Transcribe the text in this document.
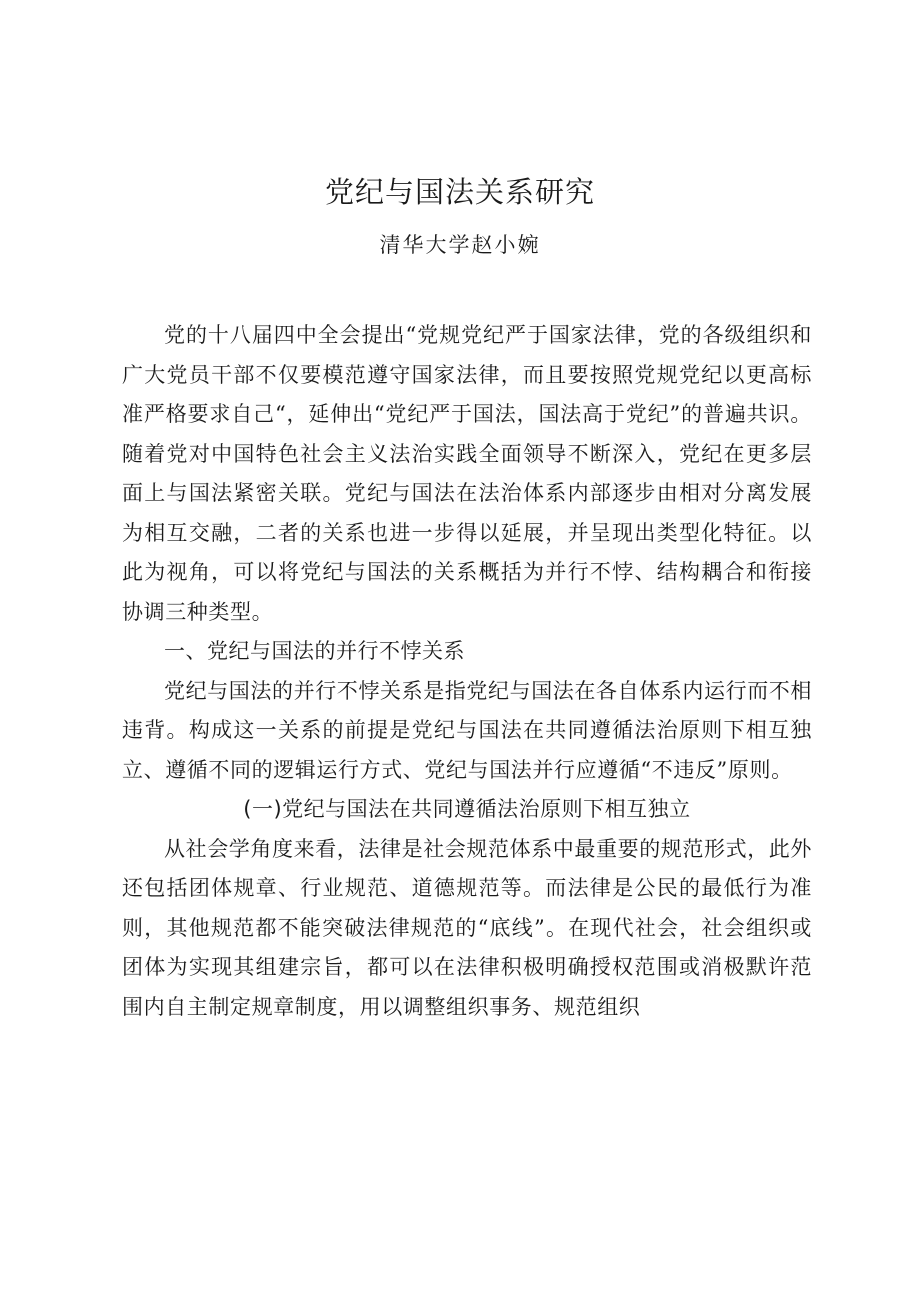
党纪与国法关系研究

清华大学赵小婉

党的十八届四中全会提出“党规党纪严于国家法律，党的各级组织和广大党员干部不仅要模范遵守国家法律，而且要按照党规党纪以更高标准严格要求自己“，延伸出“党纪严于国法，国法高于党纪”的普遍共识。随着党对中国特色社会主义法治实践全面领导不断深入，党纪在更多层面上与国法紧密关联。党纪与国法在法治体系内部逐步由相对分离发展为相互交融，二者的关系也进一步得以延展，并呈现出类型化特征。以此为视角，可以将党纪与国法的关系概括为并行不悖、结构耦合和衔接协调三种类型。

一、党纪与国法的并行不悖关系

党纪与国法的并行不悖关系是指党纪与国法在各自体系内运行而不相违背。构成这一关系的前提是党纪与国法在共同遵循法治原则下相互独立、遵循不同的逻辑运行方式、党纪与国法并行应遵循“不违反”原则。

(一)党纪与国法在共同遵循法治原则下相互独立

从社会学角度来看，法律是社会规范体系中最重要的规范形式，此外还包括团体规章、行业规范、道德规范等。而法律是公民的最低行为准则，其他规范都不能突破法律规范的“底线”。在现代社会，社会组织或团体为实现其组建宗旨，都可以在法律积极明确授权范围或消极默许范围内自主制定规章制度，用以调整组织事务、规范组织
